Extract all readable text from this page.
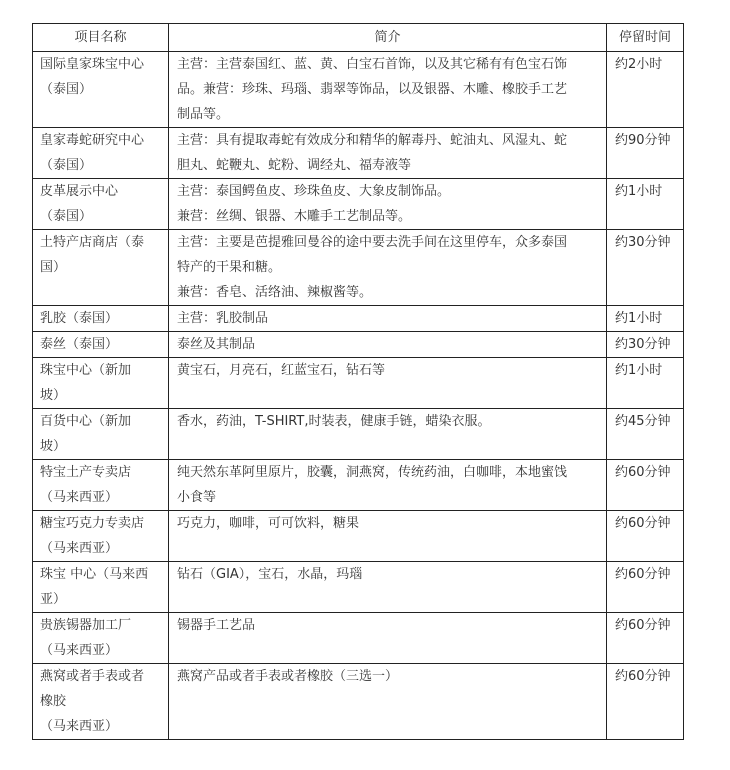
项目名称	简介	停留时间

国际皇家珠宝中心
（泰国）	主营：主营泰国红、蓝、黄、白宝石首饰，以及其它稀有有色宝石饰
品。兼营：珍珠、玛瑙、翡翠等饰品，以及银器、木雕、橡胶手工艺
制品等。	约2小时

皇家毒蛇研究中心
（泰国）	主营：具有提取毒蛇有效成分和精华的解毒丹、蛇油丸、风湿丸、蛇
胆丸、蛇鞭丸、蛇粉、调经丸、福寿液等	约90分钟

皮革展示中心
（泰国）	主营：泰国鳄鱼皮、珍珠鱼皮、大象皮制饰品。
兼营：丝绸、银器、木雕手工艺制品等。	约1小时

土特产店商店（泰
国）	主营：主要是芭提雅回曼谷的途中要去洗手间在这里停车，众多泰国
特产的干果和糖。
兼营：香皂、活络油、辣椒酱等。	约30分钟

乳胶（泰国）	主营：乳胶制品	约1小时

泰丝（泰国）	泰丝及其制品	约30分钟

珠宝中心（新加
坡）	黄宝石，月亮石，红蓝宝石，钻石等	约1小时

百货中心（新加
坡）	香水，药油，T-SHIRT,时装表，健康手链，蜡染衣服。	约45分钟

特宝土产专卖店
（马来西亚）	纯天然东革阿里原片，胶囊，洞燕窝，传统药油，白咖啡，本地蜜饯
小食等	约60分钟

糖宝巧克力专卖店
（马来西亚）	巧克力，咖啡，可可饮料，糖果	约60分钟

珠宝 中心（马来西
亚）	钻石（GIA），宝石，水晶，玛瑙	约60分钟

贵族锡器加工厂
（马来西亚）	锡器手工艺品	约60分钟

燕窝或者手表或者
橡胶
（马来西亚）	燕窝产品或者手表或者橡胶（三选一）	约60分钟
